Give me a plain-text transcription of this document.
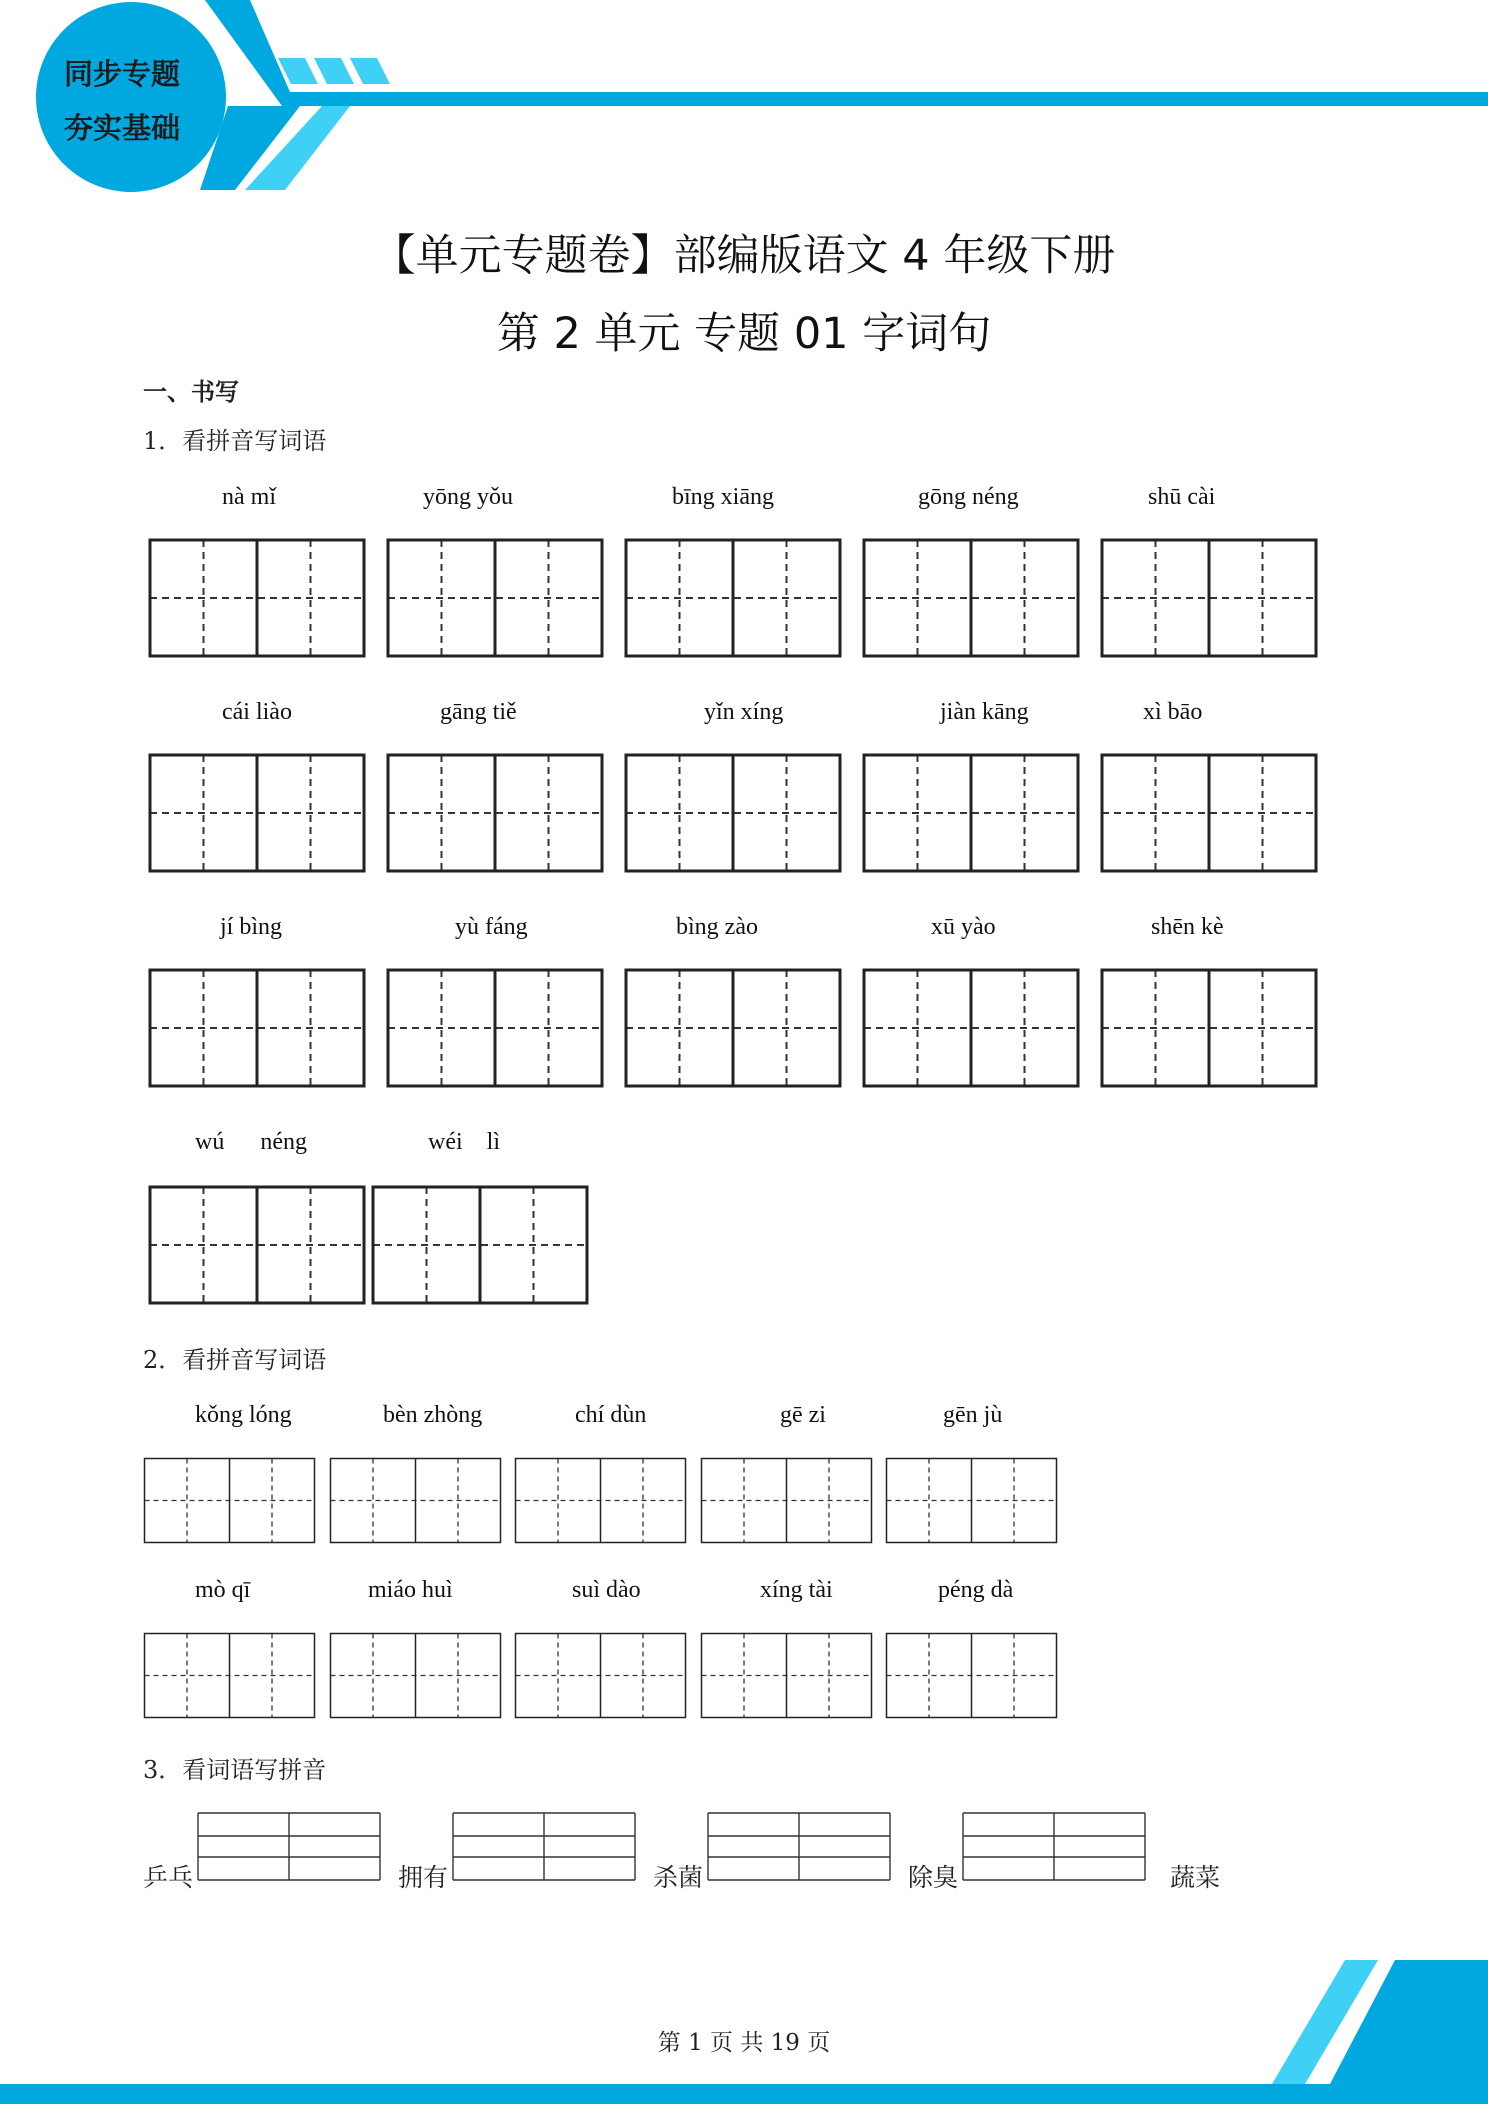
同步专题
夯实基础
【单元专题卷】部编版语文 4 年级下册
第 2 单元 专题 01 字词句
一、书写
1．看拼音写词语
nà mǐ	yōng yǒu	bīng xiāng	gōng néng	shū cài
cái liào	gāng tiě	yǐn xíng	jiàn kāng	xì bāo
jí bìng	yù fáng	bìng zào	xū yào	shēn kè
wú      néng	wéi    lì
2．看拼音写词语
kǒng lóng	bèn zhòng	chí dùn	gē zi	gēn jù
mò qī	miáo huì	suì dào	xíng tài	péng dà
3．看词语写拼音
乒乓	拥有	杀菌	除臭	蔬菜
第 1 页 共 19 页
